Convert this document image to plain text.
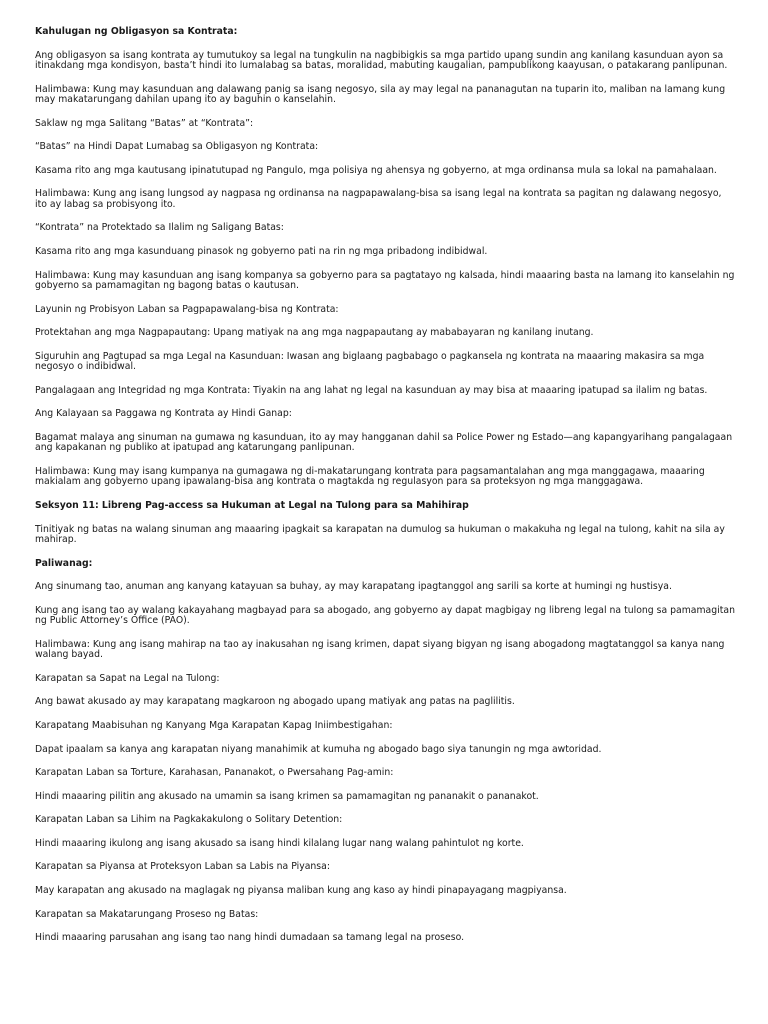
Kahulugan ng Obligasyon sa Kontrata:

Ang obligasyon sa isang kontrata ay tumutukoy sa legal na tungkulin na nagbibigkis sa mga partido upang sundin ang kanilang kasunduan ayon sa itinakdang mga kondisyon, basta’t hindi ito lumalabag sa batas, moralidad, mabuting kaugalian, pampublikong kaayusan, o patakarang panlipunan.

Halimbawa: Kung may kasunduan ang dalawang panig sa isang negosyo, sila ay may legal na pananagutan na tuparin ito, maliban na lamang kung may makatarungang dahilan upang ito ay baguhin o kanselahin.

Saklaw ng mga Salitang “Batas” at “Kontrata”:

“Batas” na Hindi Dapat Lumabag sa Obligasyon ng Kontrata:

Kasama rito ang mga kautusang ipinatutupad ng Pangulo, mga polisiya ng ahensya ng gobyerno, at mga ordinansa mula sa lokal na pamahalaan.

Halimbawa: Kung ang isang lungsod ay nagpasa ng ordinansa na nagpapawalang-bisa sa isang legal na kontrata sa pagitan ng dalawang negosyo, ito ay labag sa probisyong ito.

“Kontrata” na Protektado sa Ilalim ng Saligang Batas:

Kasama rito ang mga kasunduang pinasok ng gobyerno pati na rin ng mga pribadong indibidwal.

Halimbawa: Kung may kasunduan ang isang kompanya sa gobyerno para sa pagtatayo ng kalsada, hindi maaaring basta na lamang ito kanselahin ng gobyerno sa pamamagitan ng bagong batas o kautusan.

Layunin ng Probisyon Laban sa Pagpapawalang-bisa ng Kontrata:

Protektahan ang mga Nagpapautang: Upang matiyak na ang mga nagpapautang ay mababayaran ng kanilang inutang.

Siguruhin ang Pagtupad sa mga Legal na Kasunduan: Iwasan ang biglaang pagbabago o pagkansela ng kontrata na maaaring makasira sa mga negosyo o indibidwal.

Pangalagaan ang Integridad ng mga Kontrata: Tiyakin na ang lahat ng legal na kasunduan ay may bisa at maaaring ipatupad sa ilalim ng batas.

Ang Kalayaan sa Paggawa ng Kontrata ay Hindi Ganap:

Bagamat malaya ang sinuman na gumawa ng kasunduan, ito ay may hangganan dahil sa Police Power ng Estado—ang kapangyarihang pangalagaan ang kapakanan ng publiko at ipatupad ang katarungang panlipunan.

Halimbawa: Kung may isang kumpanya na gumagawa ng di-makatarungang kontrata para pagsamantalahan ang mga manggagawa, maaaring makialam ang gobyerno upang ipawalang-bisa ang kontrata o magtakda ng regulasyon para sa proteksyon ng mga manggagawa.

Seksyon 11: Libreng Pag-access sa Hukuman at Legal na Tulong para sa Mahihirap

Tinitiyak ng batas na walang sinuman ang maaaring ipagkait sa karapatan na dumulog sa hukuman o makakuha ng legal na tulong, kahit na sila ay mahirap.

Paliwanag:

Ang sinumang tao, anuman ang kanyang katayuan sa buhay, ay may karapatang ipagtanggol ang sarili sa korte at humingi ng hustisya.

Kung ang isang tao ay walang kakayahang magbayad para sa abogado, ang gobyerno ay dapat magbigay ng libreng legal na tulong sa pamamagitan ng Public Attorney’s Office (PAO).

Halimbawa: Kung ang isang mahirap na tao ay inakusahan ng isang krimen, dapat siyang bigyan ng isang abogadong magtatanggol sa kanya nang walang bayad.

Karapatan sa Sapat na Legal na Tulong:

Ang bawat akusado ay may karapatang magkaroon ng abogado upang matiyak ang patas na paglilitis.

Karapatang Maabisuhan ng Kanyang Mga Karapatan Kapag Iniimbestigahan:

Dapat ipaalam sa kanya ang karapatan niyang manahimik at kumuha ng abogado bago siya tanungin ng mga awtoridad.

Karapatan Laban sa Torture, Karahasan, Pananakot, o Pwersahang Pag-amin:

Hindi maaaring pilitin ang akusado na umamin sa isang krimen sa pamamagitan ng pananakit o pananakot.

Karapatan Laban sa Lihim na Pagkakakulong o Solitary Detention:

Hindi maaaring ikulong ang isang akusado sa isang hindi kilalang lugar nang walang pahintulot ng korte.

Karapatan sa Piyansa at Proteksyon Laban sa Labis na Piyansa:

May karapatan ang akusado na maglagak ng piyansa maliban kung ang kaso ay hindi pinapayagang magpiyansa.

Karapatan sa Makatarungang Proseso ng Batas:

Hindi maaaring parusahan ang isang tao nang hindi dumadaan sa tamang legal na proseso.
